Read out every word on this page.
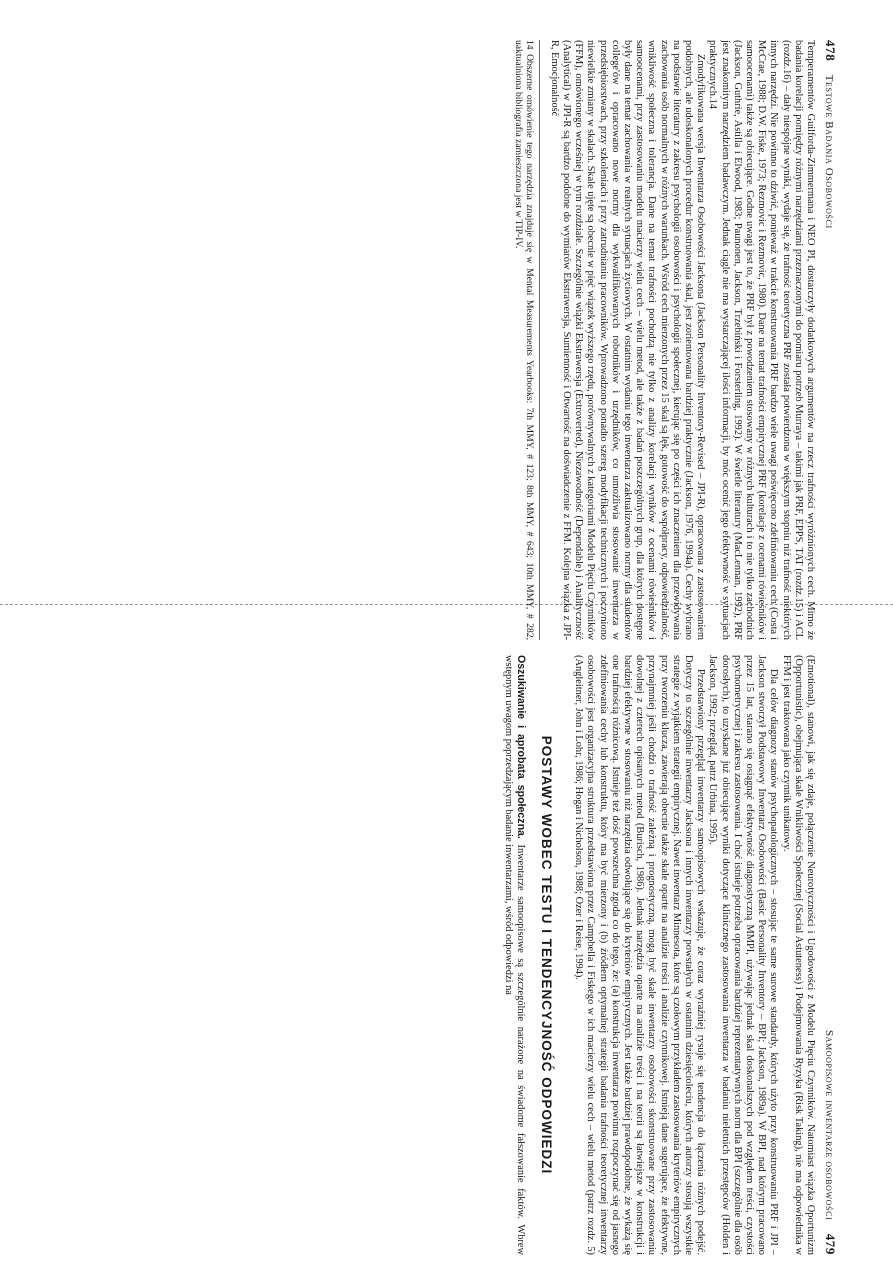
478    Testowe Badania Osobowości

Temperamentów Guilforda-Zimmermana i NEO PI, dostarczyły dodatkowych argumentów na rzecz trafności wyróżnionych cech. Mimo że badania korelacji pomiędzy różnymi narzędziami przeznaczonymi do pomiaru potrzeb Murraya – takimi jak PRF, EPPS, TAT (rozdz.15) i ACL (rozdz.16) – dały niespójne wyniki, wydaje się, że trafność teoretyczna PRF została potwierdzona w większym stopniu niż trafność niektórych innych narzędzi. Nie powinno to dziwić, ponieważ w trakcie konstruowania PRF bardzo wiele uwagi poświęcono zdefiniowaniu cech (Costa i McCrae, 1988; D.W. Fiske, 1973; Rezmovic i Rezmovic, 1980). Dane na temat trafności empirycznej PRF (korelacje z ocenami rówieśników i samoocenami) także są obiecujące. Godne uwagi jest to, że PRF był z powodzeniem stosowany w różnych kulturach i to nie tylko zachodnich (Jackson, Guthrie, Astilla i Elwood, 1983; Paunonen, Jackson, Trzebiński i Forsterling, 1992). W świetle literatury (MacLennan, 1992), PRF jest znakomitym narzędziem badawczym. Jednak ciągle nie ma wystarczającej ilości informacji, by móc ocenić jego efektywność w sytuacjach praktycznych.14

Zmodyfikowana wersja Inwentarza Osobowości Jacksona (Jackson Personality Inventory-Revised – JPI-R), opracowana z zastosowaniem podobnych, ale udoskonalonych procedur konstruowania skal, jest zorientowana bardziej praktycznie (Jackson, 1976, 1994a). Cechy wybrano na podstawie literatury z zakresu psychologii osobowości i psychologii społecznej, kierując się po części ich znaczeniem dla przewidywania zachowania osób normalnych w różnych warunkach. Wśród cech mierzonych przez 15 skal są lęk, gotowość do współpracy, odpowiedzialność, wnikliwość społeczna i tolerancja. Dane na temat trafności pochodzą nie tylko z analizy korelacji wyników z ocenami rówieśników i samoocenami, przy zastosowaniu modelu macierzy wielu cech – wielu metod, ale także z badań poszczególnych grup, dla których dostępne były dane na temat zachowania w realnych sytuacjach życiowych. W ostatnim wydaniu tego inwentarza zaktualizowano normy dla studentów college'ów i opracowano nowe normy dla wykwalifikowanych robotników i urzędników, co umożliwia stosowanie inwentarza w przedsiębiorstwach, przy szkoleniach i przy zatrudnianiu pracowników. Wprowadzono ponadto szereg modyfikacji technicznych i poczyniono niewielkie zmiany w skalach. Skale ujęte są obecnie w pięć wiązek wyższego rzędu, porównywalnych z kategoriami Modelu Pięciu Czynników (FFM), omówionego wcześniej w tym rozdziale. Szczególnie wiązki Ekstrawersja (Extroverted), Niezawodność (Dependable) i Analityczność (Analytical) w JPI-R są bardzo podobne do wymiarów Ekstrawersja, Sumienność i Otwartość na doświadczenie z FFM. Kolejna wiązka z JPI-R, Emocjonalność

14 Obszerne omówienie tego narzędzia znajduje się w Mental Measurements Yearbooks: 7th MMY, # 123; 8th MMY, # 643; 10th MMY, # 282, uaktualniona bibliografia zamieszczona jest w TIP-IV.
Samoopisowe inwentarze osobowości    479

(Emotional), stanowi, jak się zdaje, połączenie Neurotyczności i Ugodowości z Modelu Pięciu Czynników. Natomiast wiązka Oportunizm (Opportunistic), obejmująca skale Wnikliwości Społecznej (Social Astuteness) i Podejmowania Ryzyka (Risk Taking), nie ma odpowiednika w FFM i jest traktowana jako czynnik unikatowy.

Dla celów diagnozy stanów psychopatologicznych – stosując te same surowe standardy, których użyto przy konstruowaniu PRF i JPI – Jackson stworzył Podstawowy Inwentarz Osobowości (Basic Personality Inventory – BPI; Jackson, 1989a). W BPI, nad którym pracowano przez 15 lat, starano się osiągnąć efektywność diagnostyczną MMPI, używając jednak skal doskonalszych pod względem treści, czystości psychometrycznej i zakresu zastosowania. I choć istnieje potrzeba opracowania bardziej reprezentatywnych norm dla BPI (szczególnie dla osób dorosłych), to uzyskane już obiecujące wyniki dotyczące klinicznego zastosowania inwentarza w badaniu nieletnich przestępców (Holden i Jackson, 1992; przegląd, patrz Urbina, 1995).

Przedstawiony przegląd inwentarzy samoopisowych wskazuje, że coraz wyraźniej rysuje się tendencja do łączenia różnych podejść. Dotyczy to szczególnie inwentarzy Jacksona i innych inwentarzy powstałych w ostatnim dziesięcioleciu, których autorzy stosują wszystkie strategie z wyjątkiem strategii empirycznej. Nawet inwentarz Minnesota, które są czołowym przykładem zastosowania kryteriów empirycznych przy tworzeniu klucza, zawierają obecnie także skale oparte na analizie treści i analizie czynnikowej. Istnieją dane sugerujące, że efektywne, przynajmniej jeśli chodzi o trafność zależną i prognostyczną, mogą być skale inwentarzy osobowości skonstruowane przy zastosowaniu dowolnej z czterech opisanych metod (Burisch, 1986). Jednak narzędzia oparte na analizie treści i na teorii są łatwiejsze w konstrukcji i bardziej efektywne w stosowaniu niż narzędzia odwołujące się do kryteriów empirycznych. Jest także bardziej prawdopodobne, że wykażą się one trafnością różnicową. Istnieje też dość powszechna zgoda co do tego, że: (a) konstrukcja inwentarza powinna rozpoczynać się od jasnego zdefiniowania cechy lub konstruktu, który ma być mierzony i (b) źródłem optymalnej strategii badania trafności teoretycznej inwentarzy osobowości jest organizacyjna struktura przedstawiona przez Campbella i Fiskego w ich macierzy wielu cech – wielu metod (patrz rozdz. 5) (Angleitner, John i Lohr, 1986; Hogan i Nicholson, 1988; Ozer i Reise, 1994).

POSTAWY WOBEC TESTU I TENDENCYJNOŚĆ ODPOWIEDZI

Oszukiwanie i aprobata społeczna. Inwentarze samoopisowe są szczególnie narażone na świadome fałszowanie faktów. Wbrew wstępnym uwagom poprzedzającym badanie inwentarzami, wśród odpowiedzi na
